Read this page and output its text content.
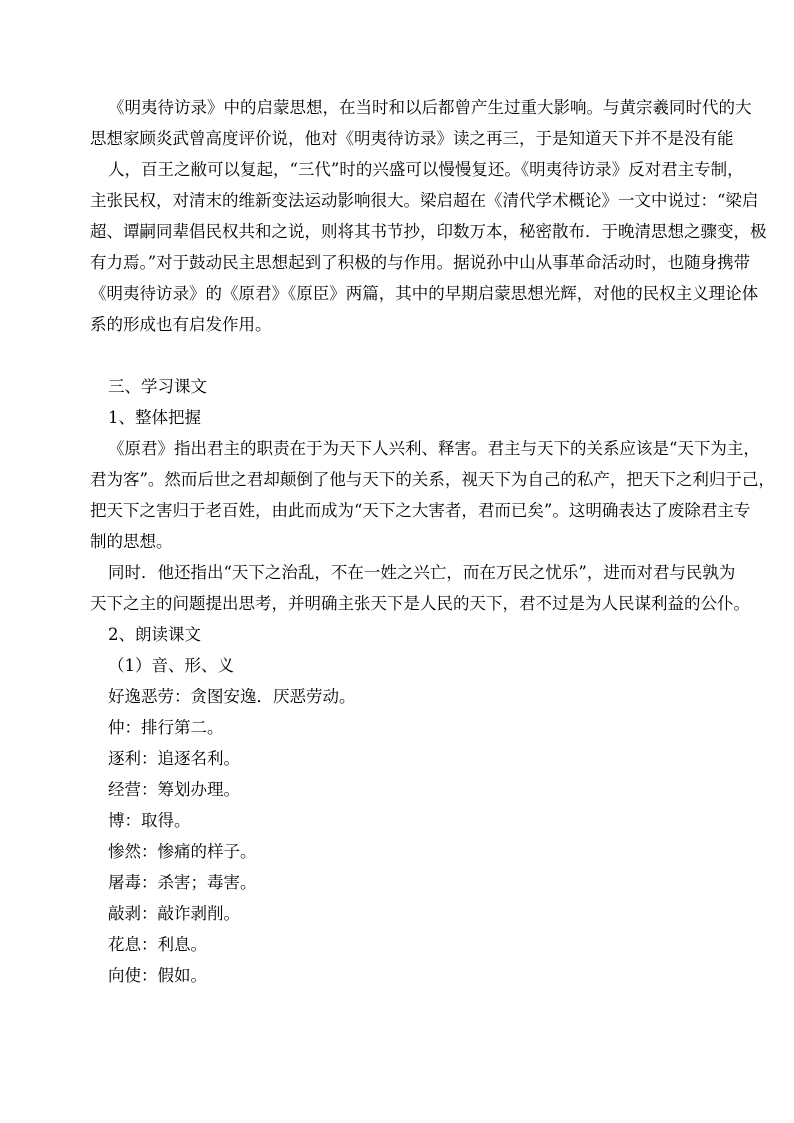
《明夷待访录》中的启蒙思想，在当时和以后都曾产生过重大影响。与黄宗羲同时代的大
思想家顾炎武曾高度评价说，他对《明夷待访录》读之再三，于是知道天下并不是没有能
人，百王之敝可以复起，“三代”时的兴盛可以慢慢复还。《明夷待访录》反对君主专制，
主张民权，对清末的维新变法运动影响很大。梁启超在《清代学术概论》一文中说过：“梁启
超、谭嗣同辈倡民权共和之说，则将其书节抄，印数万本，秘密散布．于晚清思想之骤变，极
有力焉。”对于鼓动民主思想起到了积极的与作用。据说孙中山从事革命活动时，也随身携带
《明夷待访录》的《原君》《原臣》两篇，其中的早期启蒙思想光辉，对他的民权主义理论体
系的形成也有启发作用。
三、学习课文
1、整体把握
《原君》指出君主的职责在于为天下人兴利、释害。君主与天下的关系应该是“天下为主，
君为客”。然而后世之君却颠倒了他与天下的关系，视天下为自己的私产，把天下之利归于己，
把天下之害归于老百姓，由此而成为“天下之大害者，君而已矣”。这明确表达了废除君主专
制的思想。
同时．他还指出“天下之治乱，不在一姓之兴亡，而在万民之忧乐”，进而对君与民孰为
天下之主的问题提出思考，并明确主张天下是人民的天下，君不过是为人民谋利益的公仆。
2、朗读课文
（1）音、形、义
好逸恶劳：贪图安逸．厌恶劳动。
仲：排行第二。
逐利：追逐名利。
经营：筹划办理。
博：取得。
惨然：惨痛的样子。
屠毒：杀害；毒害。
敲剥：敲诈剥削。
花息：利息。
向使：假如。
